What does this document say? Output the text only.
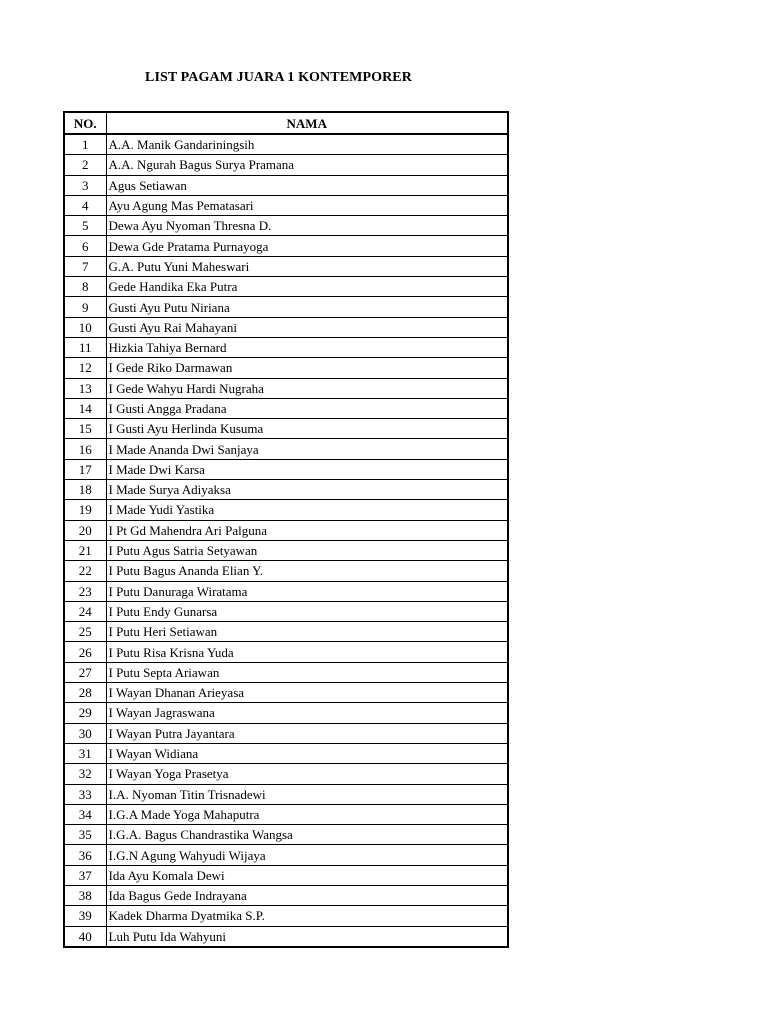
LIST PAGAM JUARA 1 KONTEMPORER
NO.	NAMA
1	A.A. Manik Gandariningsih
2	A.A. Ngurah Bagus Surya Pramana
3	Agus Setiawan
4	Ayu Agung Mas Pematasari
5	Dewa Ayu Nyoman Thresna D.
6	Dewa Gde Pratama Purnayoga
7	G.A. Putu Yuni Maheswari
8	Gede Handika Eka Putra
9	Gusti Ayu Putu Niriana
10	Gusti Ayu Rai Mahayani
11	Hizkia Tahiya Bernard
12	I Gede Riko Darmawan
13	I Gede Wahyu Hardi Nugraha
14	I Gusti Angga Pradana
15	I Gusti Ayu Herlinda Kusuma
16	I Made Ananda Dwi Sanjaya
17	I Made Dwi Karsa
18	I Made Surya Adiyaksa
19	I Made Yudi Yastika
20	I Pt Gd Mahendra Ari Palguna
21	I Putu Agus Satria Setyawan
22	I Putu Bagus Ananda Elian Y.
23	I Putu Danuraga Wiratama
24	I Putu Endy Gunarsa
25	I Putu Heri Setiawan
26	I Putu Risa Krisna Yuda
27	I Putu Septa Ariawan
28	I Wayan Dhanan Arieyasa
29	I Wayan Jagraswana
30	I Wayan Putra Jayantara
31	I Wayan Widiana
32	I Wayan Yoga Prasetya
33	I.A. Nyoman Titin Trisnadewi
34	I.G.A Made Yoga Mahaputra
35	I.G.A. Bagus Chandrastika Wangsa
36	I.G.N Agung Wahyudi Wijaya
37	Ida Ayu Komala Dewi
38	Ida Bagus Gede Indrayana
39	Kadek Dharma Dyatmika S.P.
40	Luh Putu Ida Wahyuni
